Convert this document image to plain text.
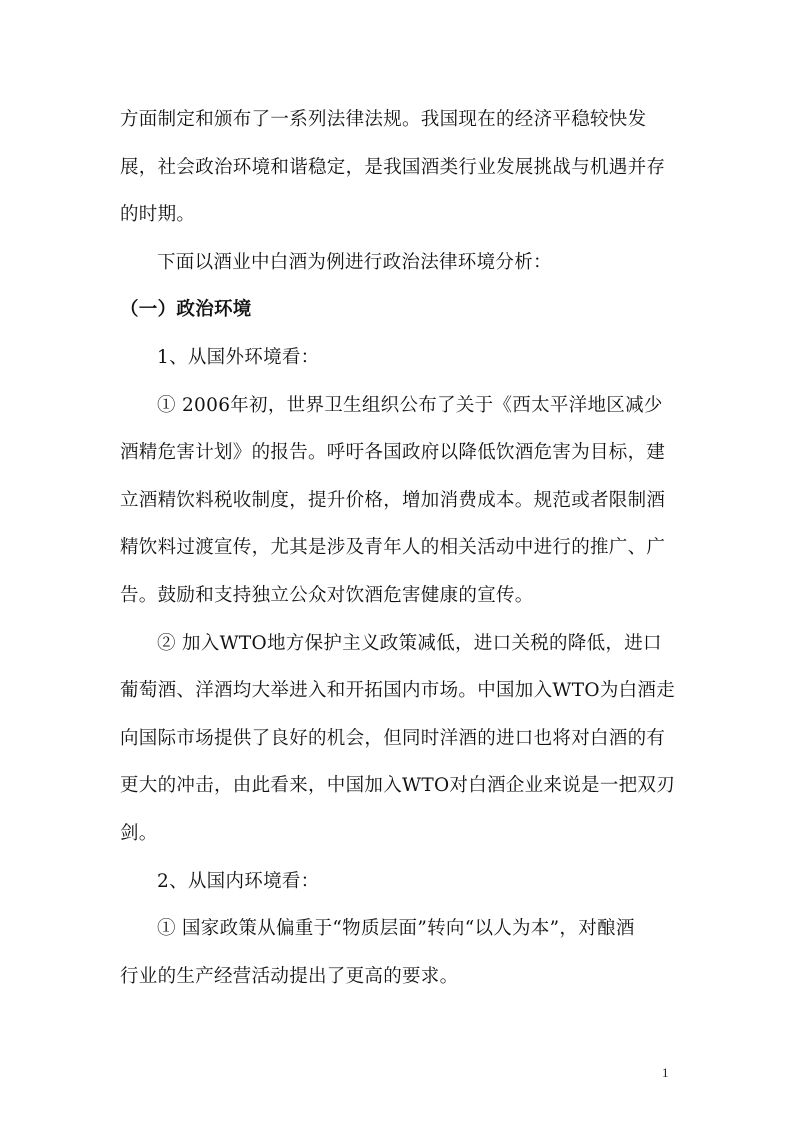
方面制定和颁布了一系列法律法规。我国现在的经济平稳较快发
展，社会政治环境和谐稳定，是我国酒类行业发展挑战与机遇并存
的时期。
下面以酒业中白酒为例进行政治法律环境分析：
（一）政治环境
1、从国外环境看：
① 2006年初，世界卫生组织公布了关于《西太平洋地区减少
酒精危害计划》的报告。呼吁各国政府以降低饮酒危害为目标，建
立酒精饮料税收制度，提升价格，增加消费成本。规范或者限制酒
精饮料过渡宣传，尤其是涉及青年人的相关活动中进行的推广、广
告。鼓励和支持独立公众对饮酒危害健康的宣传。
② 加入WTO地方保护主义政策减低，进口关税的降低，进口
葡萄酒、洋酒均大举进入和开拓国内市场。中国加入WTO为白酒走
向国际市场提供了良好的机会，但同时洋酒的进口也将对白酒的有
更大的冲击，由此看来，中国加入WTO对白酒企业来说是一把双刃
剑。
2、从国内环境看：
① 国家政策从偏重于“物质层面”转向“以人为本”，对酿酒
行业的生产经营活动提出了更高的要求。
1
